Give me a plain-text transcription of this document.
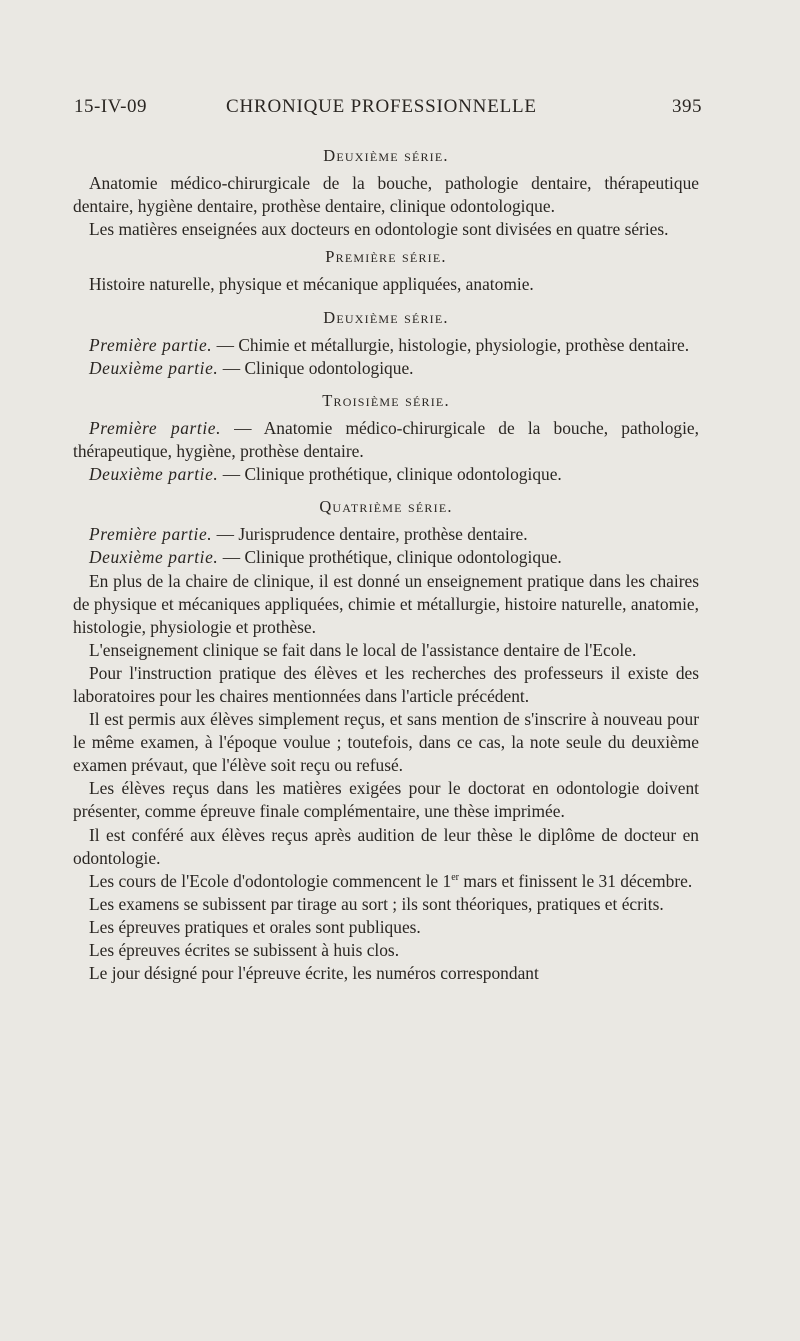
15-IV-09	CHRONIQUE PROFESSIONNELLE	395

Deuxième série.

Anatomie médico-chirurgicale de la bouche, pathologie dentaire, thérapeutique dentaire, hygiène dentaire, prothèse dentaire, clinique odontologique.

Les matières enseignées aux docteurs en odontologie sont divisées en quatre séries.

Première série.

Histoire naturelle, physique et mécanique appliquées, anatomie.

Deuxième série.

Première partie. — Chimie et métallurgie, histologie, physiologie, prothèse dentaire.

Deuxième partie. — Clinique odontologique.

Troisième série.

Première partie. — Anatomie médico-chirurgicale de la bouche, pathologie, thérapeutique, hygiène, prothèse dentaire.

Deuxième partie. — Clinique prothétique, clinique odontologique.

Quatrième série.

Première partie. — Jurisprudence dentaire, prothèse dentaire.

Deuxième partie. — Clinique prothétique, clinique odontologique.

En plus de la chaire de clinique, il est donné un enseignement pratique dans les chaires de physique et mécaniques appliquées, chimie et métallurgie, histoire naturelle, anatomie, histologie, physiologie et prothèse.

L'enseignement clinique se fait dans le local de l'assistance dentaire de l'Ecole.

Pour l'instruction pratique des élèves et les recherches des professeurs il existe des laboratoires pour les chaires mentionnées dans l'article précédent.

Il est permis aux élèves simplement reçus, et sans mention de s'inscrire à nouveau pour le même examen, à l'époque voulue ; toutefois, dans ce cas, la note seule du deuxième examen prévaut, que l'élève soit reçu ou refusé.

Les élèves reçus dans les matières exigées pour le doctorat en odontologie doivent présenter, comme épreuve finale complémentaire, une thèse imprimée.

Il est conféré aux élèves reçus après audition de leur thèse le diplôme de docteur en odontologie.

Les cours de l'Ecole d'odontologie commencent le 1er mars et finissent le 31 décembre.

Les examens se subissent par tirage au sort ; ils sont théoriques, pratiques et écrits.

Les épreuves pratiques et orales sont publiques.

Les épreuves écrites se subissent à huis clos.

Le jour désigné pour l'épreuve écrite, les numéros correspondant
